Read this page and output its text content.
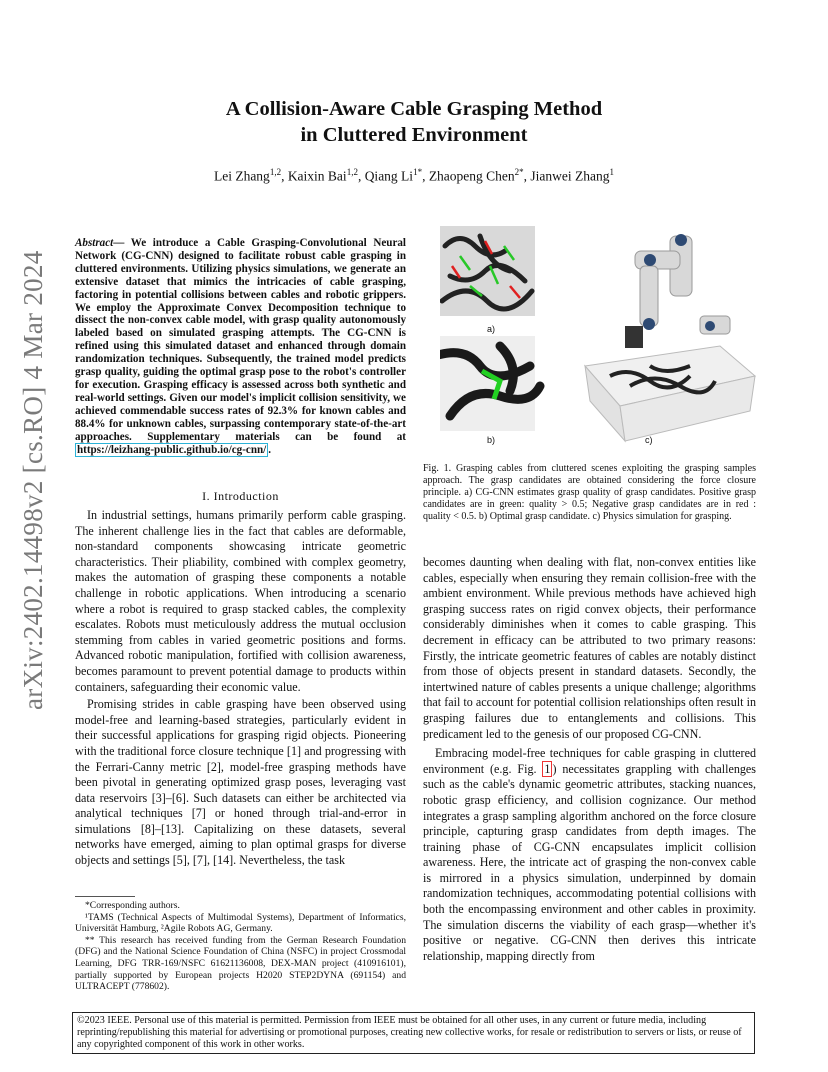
A Collision-Aware Cable Grasping Method
in Cluttered Environment
Lei Zhang$^{1,2}$, Kaixin Bai$^{1,2}$, Qiang $Li^{1*}$, Zhaopeng Chen$^{2*}$, Jianwei Zhang$^1$
arXiv:2402.14498v2 [cs.RO] 4 Mar 2024
Abstract— We introduce a Cable Grasping-Convolutional Neural Network (CG-CNN) designed to facilitate robust cable grasping in cluttered environments. Utilizing physics simulations, we generate an extensive dataset that mimics the intricacies of cable grasping, factoring in potential collisions between cables and robotic grippers. We employ the Approximate Convex Decomposition technique to dissect the non-convex cable model, with grasp quality autonomously labeled based on simulated grasping attempts. The CG-CNN is refined using this simulated dataset and enhanced through domain randomization techniques. Subsequently, the trained model predicts grasp quality, guiding the optimal grasp pose to the robot's controller for execution. Grasping efficacy is assessed across both synthetic and real-world settings. Given our model's implicit collision sensitivity, we achieved commendable success rates of 92.3% for known cables and 88.4% for unknown cables, surpassing contemporary state-of-the-art approaches. Supplementary materials can be found at https://leizhang-public.github.io/cg-cnn/ .
I. Introduction

In industrial settings, humans primarily perform cable grasping. The inherent challenge lies in the fact that cables are deformable, non-standard components showcasing intricate geometric characteristics. Their pliability, combined with complex geometry, makes the automation of grasping these components a notable challenge in robotic applications. When introducing a scenario where a robot is required to grasp stacked cables, the complexity escalates. Robots must meticulously address the mutual occlusion stemming from cables in varied geometric positions and forms. Advanced robotic manipulation, fortified with collision awareness, becomes paramount to prevent potential damage to products within containers, safeguarding their economic value.

Promising strides in cable grasping have been observed using model-free and learning-based strategies, particularly evident in their successful applications for grasping rigid objects. Pioneering with the traditional force closure technique [1] and progressing with the Ferrari-Canny metric [2], model-free grasping methods have been pivotal in generating optimized grasp poses, leveraging vast data reservoirs [3]–[6]. Such datasets can either be architected via analytical techniques [7] or honed through trial-and-error in simulations [8]–[13]. Capitalizing on these datasets, several networks have emerged, aiming to plan optimal grasps for diverse objects and settings [5], [7], [14]. Nevertheless, the task

*Corresponding authors.

¹TAMS (Technical Aspects of Multimodal Systems), Department of Informatics, Universität Hamburg, ²Agile Robots AG, Germany.

** This research has received funding from the German Research Foundation (DFG) and the National Science Foundation of China (NSFC) in project Crossmodal Learning, DFG TRR-169/NSFC 61621136008, DEX-MAN project (410916101), partially supported by European projects H2020 STEP2DYNA (691154) and ULTRACEPT (778602).

a)
b)	c)
Fig. 1. Grasping cables from cluttered scenes exploiting the grasping samples approach. The grasp candidates are obtained considering the force closure principle. a) CG-CNN estimates grasp quality of grasp candidates. Positive grasp candidates are in green: quality > 0.5; Negative grasp candidates are in red : quality < 0.5. b) Optimal grasp candidate. c) Physics simulation for grasping.

becomes daunting when dealing with flat, non-convex entities like cables, especially when ensuring they remain collision-free with the ambient environment. While previous methods have achieved high grasping success rates on rigid convex objects, their performance considerably diminishes when it comes to cable grasping. This decrement in efficacy can be attributed to two primary reasons: Firstly, the intricate geometric features of cables are notably distinct from those of objects present in standard datasets. Secondly, the intertwined nature of cables presents a unique challenge; algorithms that fail to account for potential collision relationships often result in grasping failures due to entanglements and collisions. This predicament led to the genesis of our proposed CG-CNN.

Embracing model-free techniques for cable grasping in cluttered environment (e.g. Fig. 1 ) necessitates grappling with challenges such as the cable's dynamic geometric attributes, stacking nuances, robotic grasp efficiency, and collision cognizance. Our method integrates a grasp sampling algorithm anchored on the force closure principle, capturing grasp candidates from depth images. The training phase of CG-CNN encapsulates implicit collision awareness. Here, the intricate act of grasping the non-convex cable is mirrored in a physics simulation, underpinned by domain randomization techniques, accommodating potential collisions with both the encompassing environment and other cables in proximity. The simulation discerns the viability of each grasp—whether it's positive or negative. CG-CNN then derives this intricate relationship, mapping directly from

©2023 IEEE. Personal use of this material is permitted. Permission from IEEE must be obtained for all other uses, in any current or future media, including reprinting/republishing this material for advertising or promotional purposes, creating new collective works, for resale or redistribution to servers or lists, or reuse of any copyrighted component of this work in other works.
